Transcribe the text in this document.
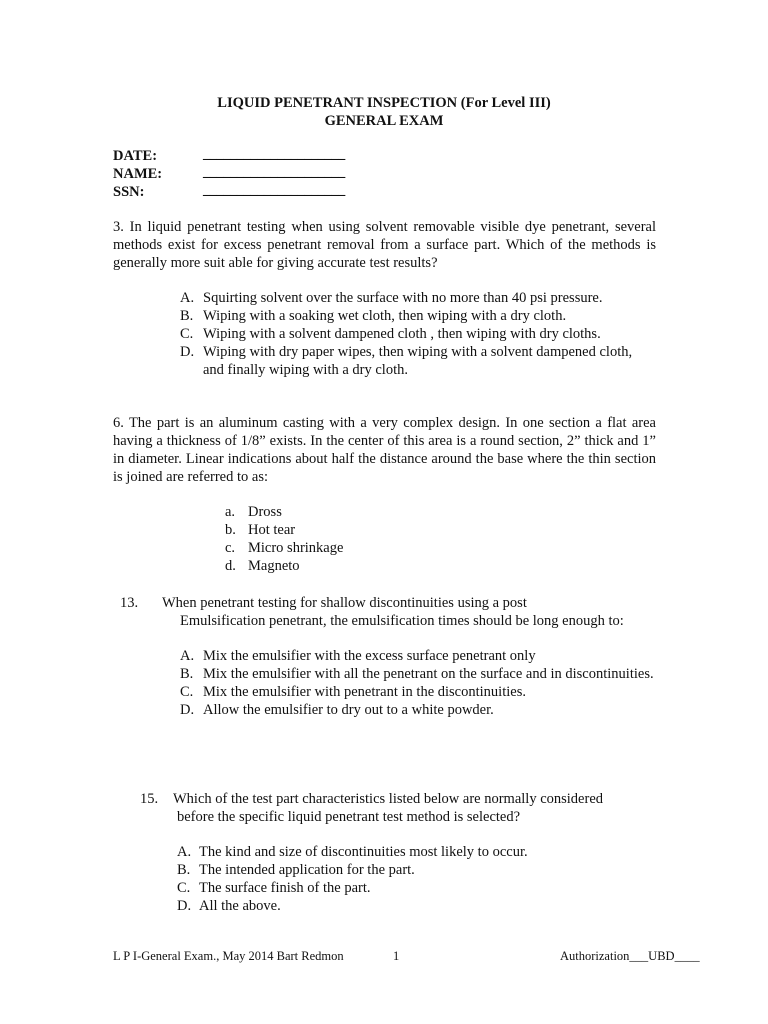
LIQUID PENETRANT INSPECTION (For Level III)
GENERAL EXAM
DATE:	_____________________
NAME:	_____________________
SSN:	_____________________
3. In liquid penetrant testing when using solvent removable visible dye penetrant, several methods exist for excess penetrant removal from a surface part. Which of the methods is generally more suit able for giving accurate test results?
A. Squirting solvent over the surface with no more than 40 psi pressure.
B. Wiping with a soaking wet cloth, then wiping with a dry cloth.
C. Wiping with a solvent dampened cloth , then wiping with dry cloths.
D. Wiping with dry paper wipes, then wiping with a solvent dampened cloth, and finally wiping with a dry cloth.
6. The part is an aluminum casting with a very complex design. In one section a flat area having a thickness of 1/8” exists. In the center of this area is a round section, 2” thick and 1” in diameter. Linear indications about half the distance around the base where the thin section is joined are referred to as:
a. Dross
b. Hot tear
c. Micro shrinkage
d. Magneto
13. When penetrant testing for shallow discontinuities using a post
Emulsification penetrant, the emulsification times should be long enough to:
A. Mix the emulsifier with the excess surface penetrant only
B. Mix the emulsifier with all the penetrant on the surface and in discontinuities.
C. Mix the emulsifier with penetrant in the discontinuities.
D. Allow the emulsifier to dry out to a white powder.
15. Which of the test part characteristics listed below are normally considered
before the specific liquid penetrant test method is selected?
A. The kind and size of discontinuities most likely to occur.
B. The intended application for the part.
C. The surface finish of the part.
D. All the above.
L P I-General Exam., May 2014 Bart Redmon	1	Authorization___UBD____
